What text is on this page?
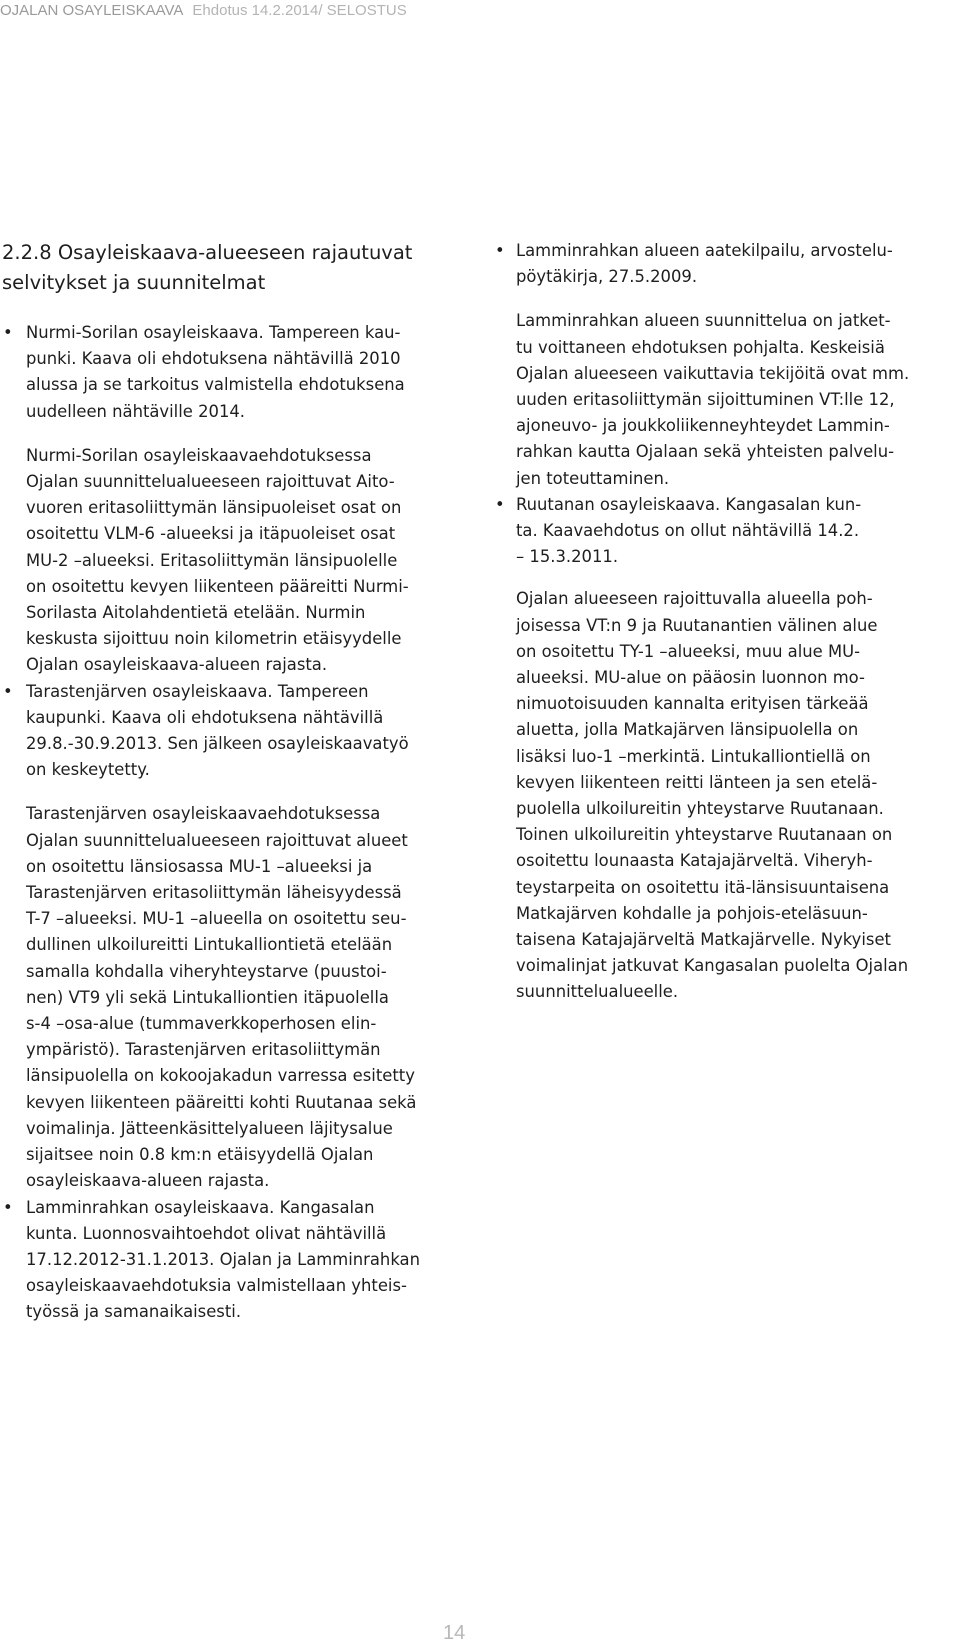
OJALAN OSAYLEISKAAVA Ehdotus 14.2.2014/ SELOSTUS
2.2.8 Osayleiskaava-alueeseen rajautuvat
selvitykset ja suunnitelmat
• Nurmi-Sorilan osayleiskaava. Tampereen kau-
punki. Kaava oli ehdotuksena nähtävillä 2010
alussa ja se tarkoitus valmistella ehdotuksena
uudelleen nähtäville 2014.

Nurmi-Sorilan osayleiskaavaehdotuksessa
Ojalan suunnittelualueeseen rajoittuvat Aito-
vuoren eritasoliittymän länsipuoleiset osat on
osoitettu VLM-6 -alueeksi ja itäpuoleiset osat
MU-2 –alueeksi. Eritasoliittymän länsipuolelle
on osoitettu kevyen liikenteen pääreitti Nurmi-
Sorilasta Aitolahdentietä etelään. Nurmin
keskusta sijoittuu noin kilometrin etäisyydelle
Ojalan osayleiskaava-alueen rajasta.

• Tarastenjärven osayleiskaava. Tampereen
kaupunki. Kaava oli ehdotuksena nähtävillä
29.8.-30.9.2013. Sen jälkeen osayleiskaavatyö
on keskeytetty.

Tarastenjärven osayleiskaavaehdotuksessa
Ojalan suunnittelualueeseen rajoittuvat alueet
on osoitettu länsiosassa MU-1 –alueeksi ja
Tarastenjärven eritasoliittymän läheisyydessä
T-7 –alueeksi. MU-1 –alueella on osoitettu seu-
dullinen ulkoilureitti Lintukalliontietä etelään
samalla kohdalla viheryhteystarve (puustoi-
nen) VT9 yli sekä Lintukalliontien itäpuolella
s-4 –osa-alue (tummaverkkoperhosen elin-
ympäristö). Tarastenjärven eritasoliittymän
länsipuolella on kokoojakadun varressa esitetty
kevyen liikenteen pääreitti kohti Ruutanaa sekä
voimalinja. Jätteenkäsittelyalueen läjitysalue
sijaitsee noin 0.8 km:n etäisyydellä Ojalan
osayleiskaava-alueen rajasta.

• Lamminrahkan osayleiskaava. Kangasalan
kunta. Luonnosvaihtoehdot olivat nähtävillä
17.12.2012-31.1.2013. Ojalan ja Lamminrahkan
osayleiskaavaehdotuksia valmistellaan yhteis-
työssä ja samanaikaisesti.
• Lamminrahkan alueen aatekilpailu, arvostelu-
pöytäkirja, 27.5.2009.

Lamminrahkan alueen suunnittelua on jatket-
tu voittaneen ehdotuksen pohjalta. Keskeisiä
Ojalan alueeseen vaikuttavia tekijöitä ovat mm.
uuden eritasoliittymän sijoittuminen VT:lle 12,
ajoneuvo- ja joukkoliikenneyhteydet Lammin-
rahkan kautta Ojalaan sekä yhteisten palvelu-
jen toteuttaminen.

• Ruutanan osayleiskaava. Kangasalan kun-
ta. Kaavaehdotus on ollut nähtävillä 14.2.
– 15.3.2011.

Ojalan alueeseen rajoittuvalla alueella poh-
joisessa VT:n 9 ja Ruutanantien välinen alue
on osoitettu TY-1 –alueeksi, muu alue MU-
alueeksi. MU-alue on pääosin luonnon mo-
nimuotoisuuden kannalta erityisen tärkeää
aluetta, jolla Matkajärven länsipuolella on
lisäksi luo-1 –merkintä. Lintukalliontiellä on
kevyen liikenteen reitti länteen ja sen etelä-
puolella ulkoilureitin yhteystarve Ruutanaan.
Toinen ulkoilureitin yhteystarve Ruutanaan on
osoitettu lounaasta Katajajärveltä. Viheryh-
teystarpeita on osoitettu itä-länsisuuntaisena
Matkajärven kohdalle ja pohjois-eteläsuun-
taisena Katajajärveltä Matkajärvelle. Nykyiset
voimalinjat jatkuvat Kangasalan puolelta Ojalan
suunnittelualueelle.

14
